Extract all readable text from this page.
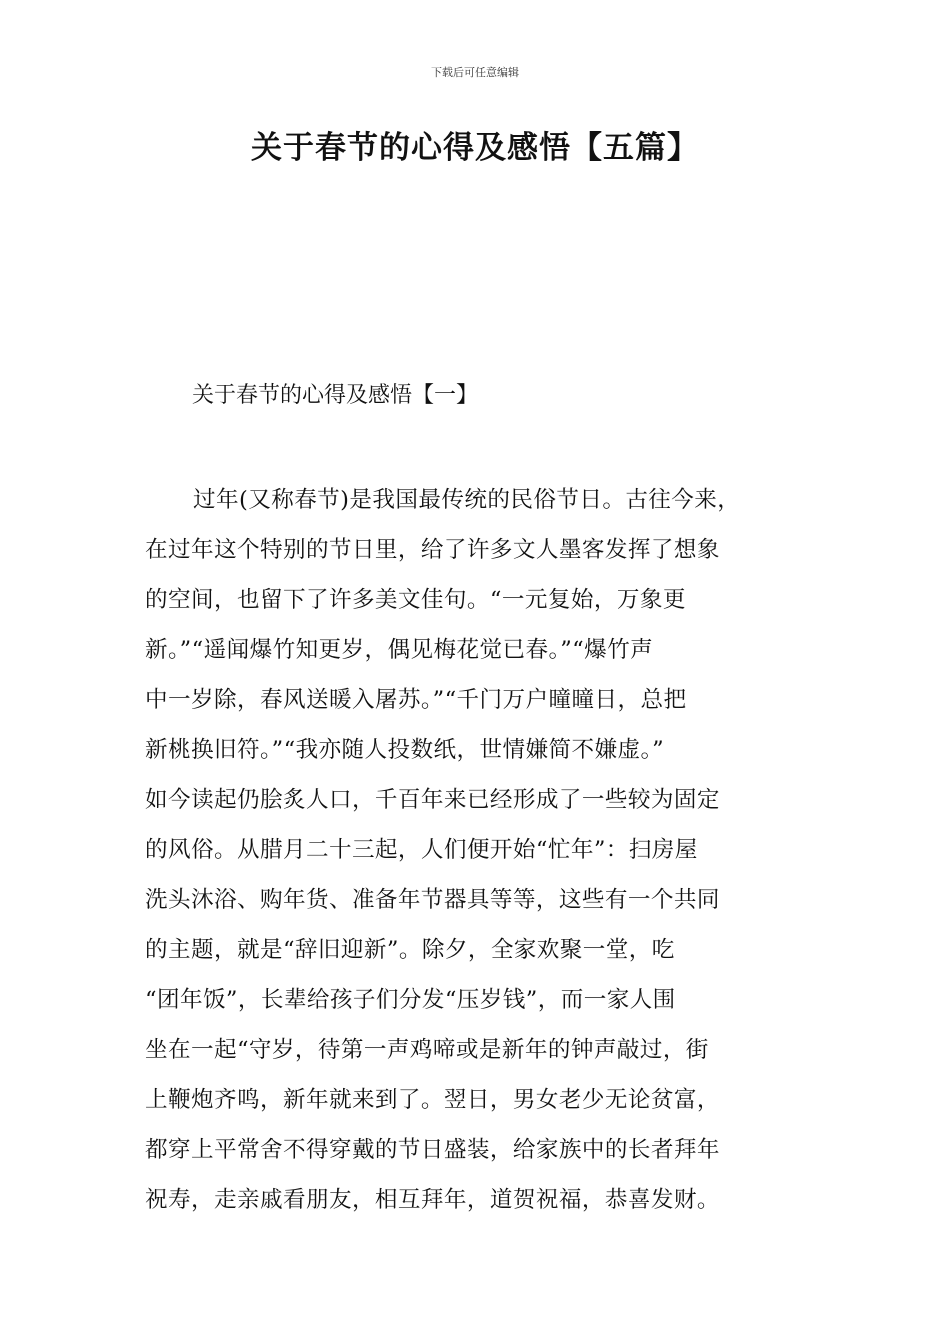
下载后可任意编辑
关于春节的心得及感悟【五篇】
关于春节的心得及感悟【一】
过年(又称春节)是我国最传统的民俗节日。古往今来，
在过年这个特别的节日里，给了许多文人墨客发挥了想象
的空间，也留下了许多美文佳句。“一元复始，万象更
新。”“遥闻爆竹知更岁，偶见梅花觉已春。”“爆竹声
中一岁除，春风送暖入屠苏。”“千门万户曈曈日，总把
新桃换旧符。”“我亦随人投数纸，世情嫌简不嫌虚。”
如今读起仍脍炙人口，千百年来已经形成了一些较为固定
的风俗。从腊月二十三起，人们便开始“忙年”：扫房屋
洗头沐浴、购年货、准备年节器具等等，这些有一个共同
的主题，就是“辞旧迎新”。除夕，全家欢聚一堂，吃
“团年饭”，长辈给孩子们分发“压岁钱”，而一家人围
坐在一起“守岁，待第一声鸡啼或是新年的钟声敲过，街
上鞭炮齐鸣，新年就来到了。翌日，男女老少无论贫富，
都穿上平常舍不得穿戴的节日盛装，给家族中的长者拜年
祝寿，走亲戚看朋友，相互拜年，道贺祝福，恭喜发财。
